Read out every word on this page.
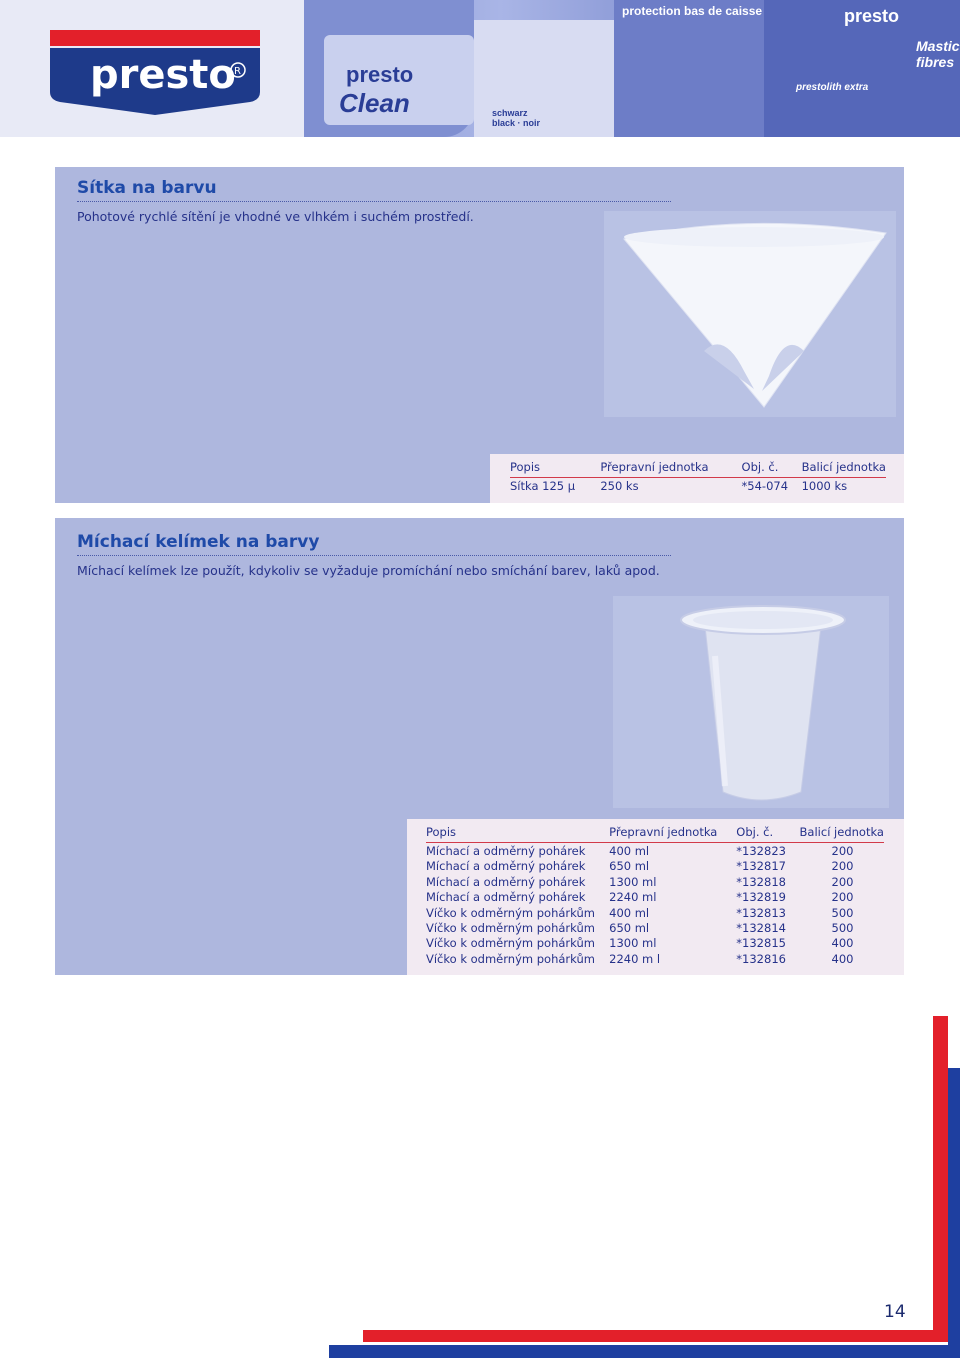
presto
R	presto
Clean	schwarz black · noir
protection bas de caisse	presto
Mastic fibres
prestolith extra
Sítka na barvu

Pohotové rychlé sítění je vhodné ve vlhkém i suchém prostředí.

Popis	Přepravní jednotka	Obj. č.	Balicí jednotka
Sítka 125 μ	250 ks	*54-074	1000 ks
Míchací kelímek na barvy

Míchací kelímek lze použít, kdykoliv se vyžaduje promíchání nebo smíchání barev, laků apod.

Popis	Přepravní jednotka	Obj. č.	Balicí jednotka
Míchací a odměrný pohárek	400 ml	*132823	200
Míchací a odměrný pohárek	650 ml	*132817	200
Míchací a odměrný pohárek	1300 ml	*132818	200
Míchací a odměrný pohárek	2240 ml	*132819	200
Víčko k odměrným pohárkům	400 ml	*132813	500
Víčko k odměrným pohárkům	650 ml	*132814	500
Víčko k odměrným pohárkům	1300 ml	*132815	400
Víčko k odměrným pohárkům	2240 m l	*132816	400
14
